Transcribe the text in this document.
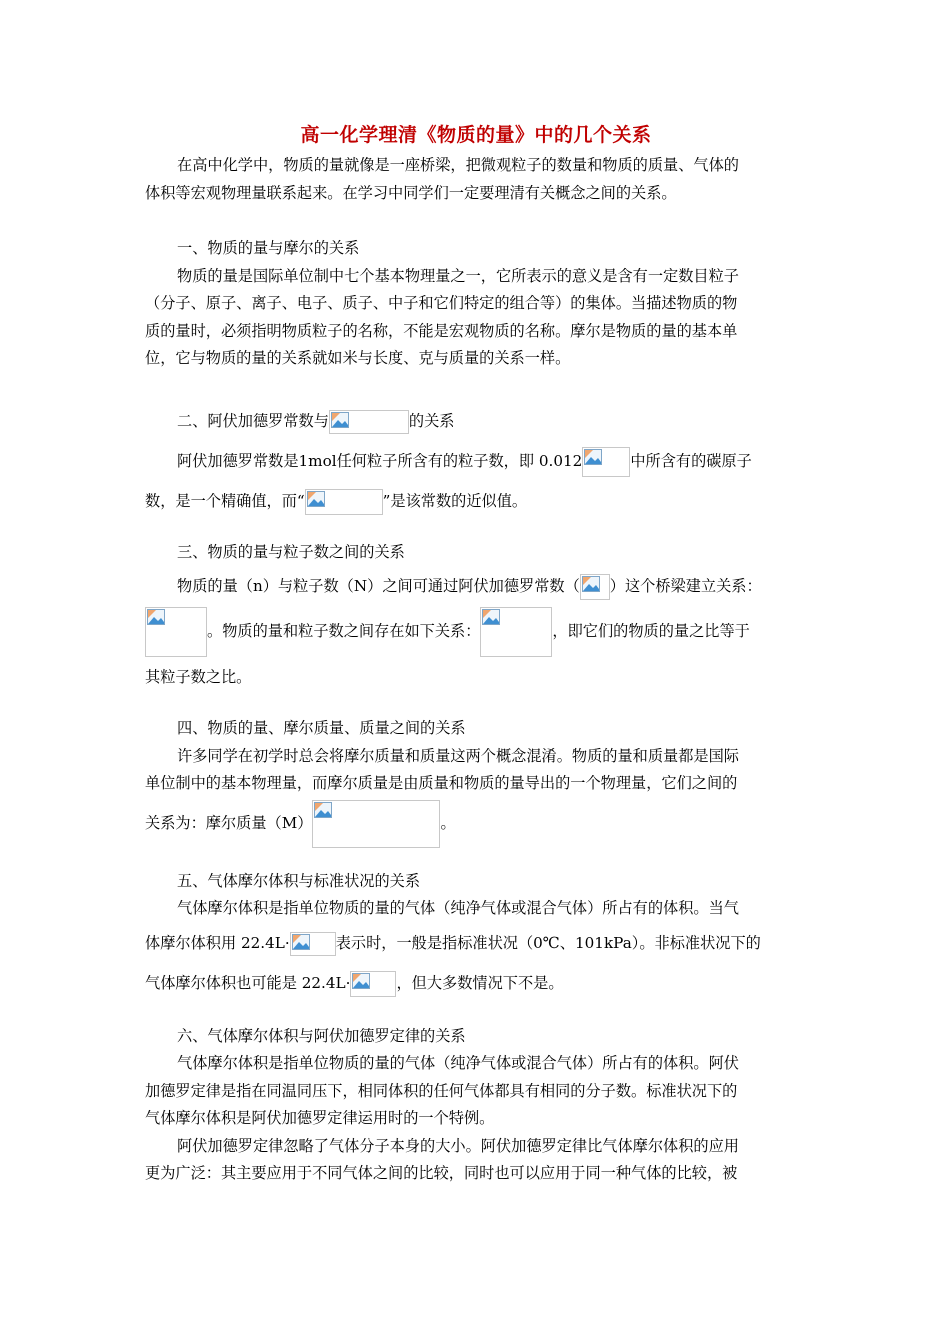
高一化学理清《物质的量》中的几个关系

在高中化学中，物质的量就像是一座桥梁，把微观粒子的数量和物质的质量、气体的

体积等宏观物理量联系起来。在学习中同学们一定要理清有关概念之间的关系。

一、物质的量与摩尔的关系

物质的量是国际单位制中七个基本物理量之一，它所表示的意义是含有一定数目粒子

（分子、原子、离子、电子、质子、中子和它们特定的组合等）的集体。当描述物质的物

质的量时，必须指明物质粒子的名称，不能是宏观物质的名称。摩尔是物质的量的基本单

位，它与物质的量的关系就如米与长度、克与质量的关系一样。

二、阿伏加德罗常数与	的关系

阿伏加德罗常数是1mol任何粒子所含有的粒子数，即 0.012	中所含有的碳原子

数，是一个精确值，而“	”是该常数的近似值。

三、物质的量与粒子数之间的关系

物质的量（n）与粒子数（N）之间可通过阿伏加德罗常数（ ）这个桥梁建立关系：

。物质的量和粒子数之间存在如下关系：	，即它们的物质的量之比等于

其粒子数之比。

四、物质的量、摩尔质量、质量之间的关系

许多同学在初学时总会将摩尔质量和质量这两个概念混淆。物质的量和质量都是国际

单位制中的基本物理量，而摩尔质量是由质量和物质的量导出的一个物理量，它们之间的

关系为：摩尔质量（M）	。

五、气体摩尔体积与标准状况的关系

气体摩尔体积是指单位物质的量的气体（纯净气体或混合气体）所占有的体积。当气

体摩尔体积用 22.4L·	表示时，一般是指标准状况（0℃、101kPa）。非标准状况下的

气体摩尔体积也可能是 22.4L·	，但大多数情况下不是。

六、气体摩尔体积与阿伏加德罗定律的关系

气体摩尔体积是指单位物质的量的气体（纯净气体或混合气体）所占有的体积。阿伏

加德罗定律是指在同温同压下，相同体积的任何气体都具有相同的分子数。标准状况下的

气体摩尔体积是阿伏加德罗定律运用时的一个特例。

阿伏加德罗定律忽略了气体分子本身的大小。阿伏加德罗定律比气体摩尔体积的应用

更为广泛：其主要应用于不同气体之间的比较，同时也可以应用于同一种气体的比较，被
